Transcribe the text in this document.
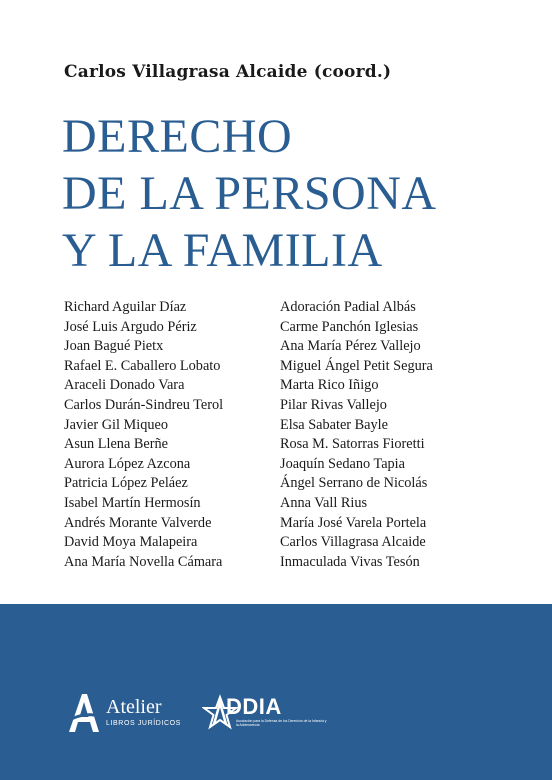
Carlos Villagrasa Alcaide (coord.)
DERECHO
DE LA PERSONA
Y LA FAMILIA
Richard Aguilar Díaz
José Luis Argudo Périz
Joan Bagué Pietx
Rafael E. Caballero Lobato
Araceli Donado Vara
Carlos Durán-Sindreu Terol
Javier Gil Miqueo
Asun Llena Berñe
Aurora López Azcona
Patricia López Peláez
Isabel Martín Hermosín
Andrés Morante Valverde
David Moya Malapeira
Ana María Novella Cámara
Adoración Padial Albás
Carme Panchón Iglesias
Ana María Pérez Vallejo
Miguel Ángel Petit Segura
Marta Rico Iñigo
Pilar Rivas Vallejo
Elsa Sabater Bayle
Rosa M. Satorras Fioretti
Joaquín Sedano Tapia
Ángel Serrano de Nicolás
Anna Vall Rius
María José Varela Portela
Carlos Villagrasa Alcaide
Inmaculada Vivas Tesón
Atelier
LIBROS JURÍDICOS
DDIA
Asociación para la Defensa de los Derechos de la Infancia y la Adolescencia
